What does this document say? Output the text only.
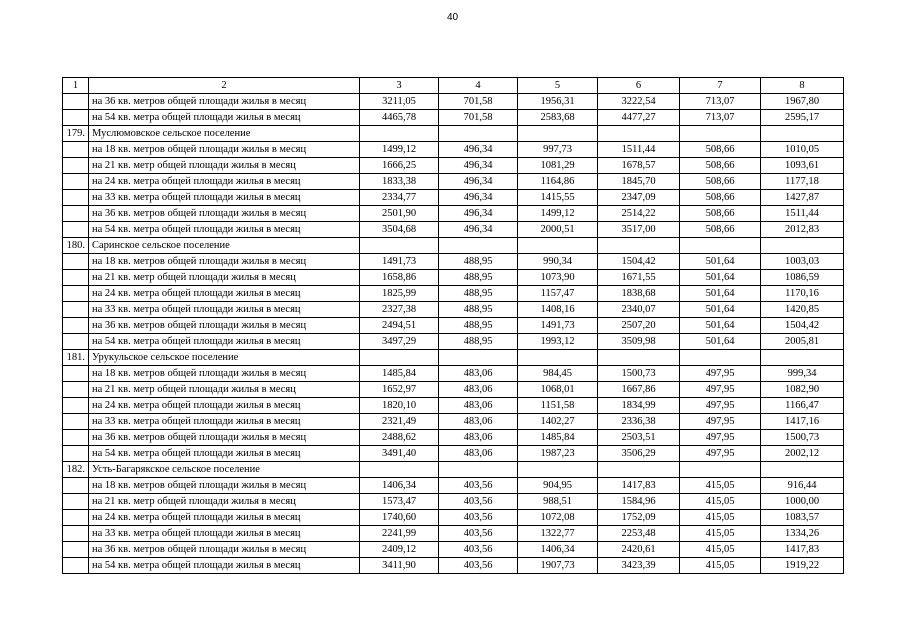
40
1	2	3	4	5	6	7	8
	на 36 кв. метров общей площади жилья в месяц	3211,05	701,58	1956,31	3222,54	713,07	1967,80
	на 54 кв. метра общей площади жилья в месяц	4465,78	701,58	2583,68	4477,27	713,07	2595,17
179.	Муслюмовское сельское поселение						
	на 18 кв. метров общей площади жилья в месяц	1499,12	496,34	997,73	1511,44	508,66	1010,05
	на 21 кв. метр общей площади жилья в месяц	1666,25	496,34	1081,29	1678,57	508,66	1093,61
	на 24 кв. метра общей площади жилья в месяц	1833,38	496,34	1164,86	1845,70	508,66	1177,18
	на 33 кв. метра общей площади жилья в месяц	2334,77	496,34	1415,55	2347,09	508,66	1427,87
	на 36 кв. метров общей площади жилья в месяц	2501,90	496,34	1499,12	2514,22	508,66	1511,44
	на 54 кв. метра общей площади жилья в месяц	3504,68	496,34	2000,51	3517,00	508,66	2012,83
180.	Саринское сельское поселение						
	на 18 кв. метров общей площади жилья в месяц	1491,73	488,95	990,34	1504,42	501,64	1003,03
	на 21 кв. метр общей площади жилья в месяц	1658,86	488,95	1073,90	1671,55	501,64	1086,59
	на 24 кв. метра общей площади жилья в месяц	1825,99	488,95	1157,47	1838,68	501,64	1170,16
	на 33 кв. метра общей площади жилья в месяц	2327,38	488,95	1408,16	2340,07	501,64	1420,85
	на 36 кв. метров общей площади жилья в месяц	2494,51	488,95	1491,73	2507,20	501,64	1504,42
	на 54 кв. метра общей площади жилья в месяц	3497,29	488,95	1993,12	3509,98	501,64	2005,81
181.	Урукульское сельское поселение						
	на 18 кв. метров общей площади жилья в месяц	1485,84	483,06	984,45	1500,73	497,95	999,34
	на 21 кв. метр общей площади жилья в месяц	1652,97	483,06	1068,01	1667,86	497,95	1082,90
	на 24 кв. метра общей площади жилья в месяц	1820,10	483,06	1151,58	1834,99	497,95	1166,47
	на 33 кв. метра общей площади жилья в месяц	2321,49	483,06	1402,27	2336,38	497,95	1417,16
	на 36 кв. метров общей площади жилья в месяц	2488,62	483,06	1485,84	2503,51	497,95	1500,73
	на 54 кв. метра общей площади жилья в месяц	3491,40	483,06	1987,23	3506,29	497,95	2002,12
182.	Усть-Багарякское сельское поселение						
	на 18 кв. метров общей площади жилья в месяц	1406,34	403,56	904,95	1417,83	415,05	916,44
	на 21 кв. метр общей площади жилья в месяц	1573,47	403,56	988,51	1584,96	415,05	1000,00
	на 24 кв. метра общей площади жилья в месяц	1740,60	403,56	1072,08	1752,09	415,05	1083,57
	на 33 кв. метра общей площади жилья в месяц	2241,99	403,56	1322,77	2253,48	415,05	1334,26
	на 36 кв. метров общей площади жилья в месяц	2409,12	403,56	1406,34	2420,61	415,05	1417,83
	на 54 кв. метра общей площади жилья в месяц	3411,90	403,56	1907,73	3423,39	415,05	1919,22
